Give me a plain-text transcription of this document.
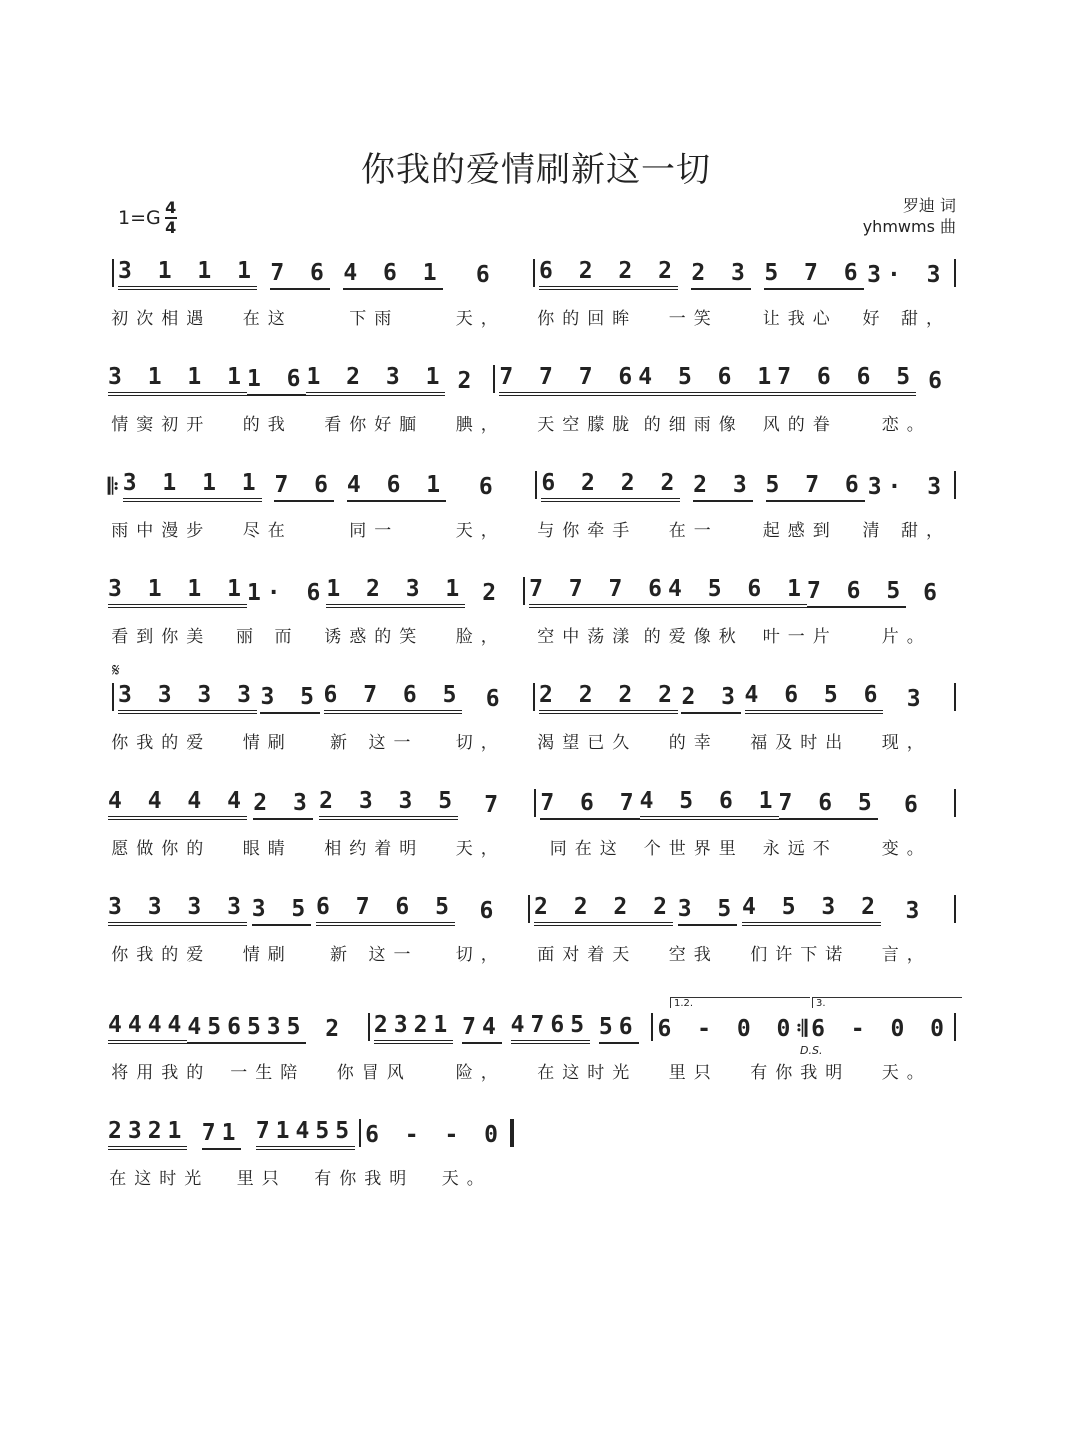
你我的爱情刷新这一切
$1=G \frac{4}{4}$	罗迪 词
yhmwms 曲
𝄋
3 1 1 1 7 6 4 6 1 6 6 2 2 2 2 3 5 7 6 3· 3
初次相遇 在这	下雨	天， 你的回眸 一笑	让我心 好 甜，
3 1 1 1 1 6 1 2 3 1 2 7 7 7 6 4 5 6 1 7 6 6 5 6
情窦初开 的我 看你好腼 腆， 天空朦胧 的细雨像 风的眷	恋。
𝄆 3 1 1 1 7 6 4 6 1 6 6 2 2 2 2 3 5 7 6 3· 3
雨中漫步 尽在	同一	天， 与你牵手 在一	起感到 清 甜，
3 1 1 1 1· 6 1 2 3 1 2 7 7 7 6 4 5 6 1 7 6 5 6
看到你美 丽 而 诱惑的笑 脸， 空中荡漾 的爱像秋 叶一片	片。
3 3 3 3 3 5 6 7 6 5 6 2 2 2 2 2 3 4 6 5 6 3
你我的爱 情刷 新 这一 切， 渴望已久 的幸 福及时出 现，
4 4 4 4 2 3 2 3 3 5 7 7 6 7 4 5 6 1 7 6 5 6
愿做你的 眼睛 相约着明 天，	同在这 个世界里 永远不	变。
3 3 3 3 3 5 6 7 6 5 6 2 2 2 2 3 5 4 5 3 2 3
你我的爱 情刷 新 这一 切， 面对着天 空我 们许下诺 言，
4444 456 535 2 2321 74 4765 56 6 - 0 0 𝄇 6 - 0 0
将用我的 一生陪 你冒风	险， 在这时光 里只 有你我明 天。
2321 71 71455 6 - - 0
在这时光 里只 有你我明 天。
1.2.	3.
D.S.
